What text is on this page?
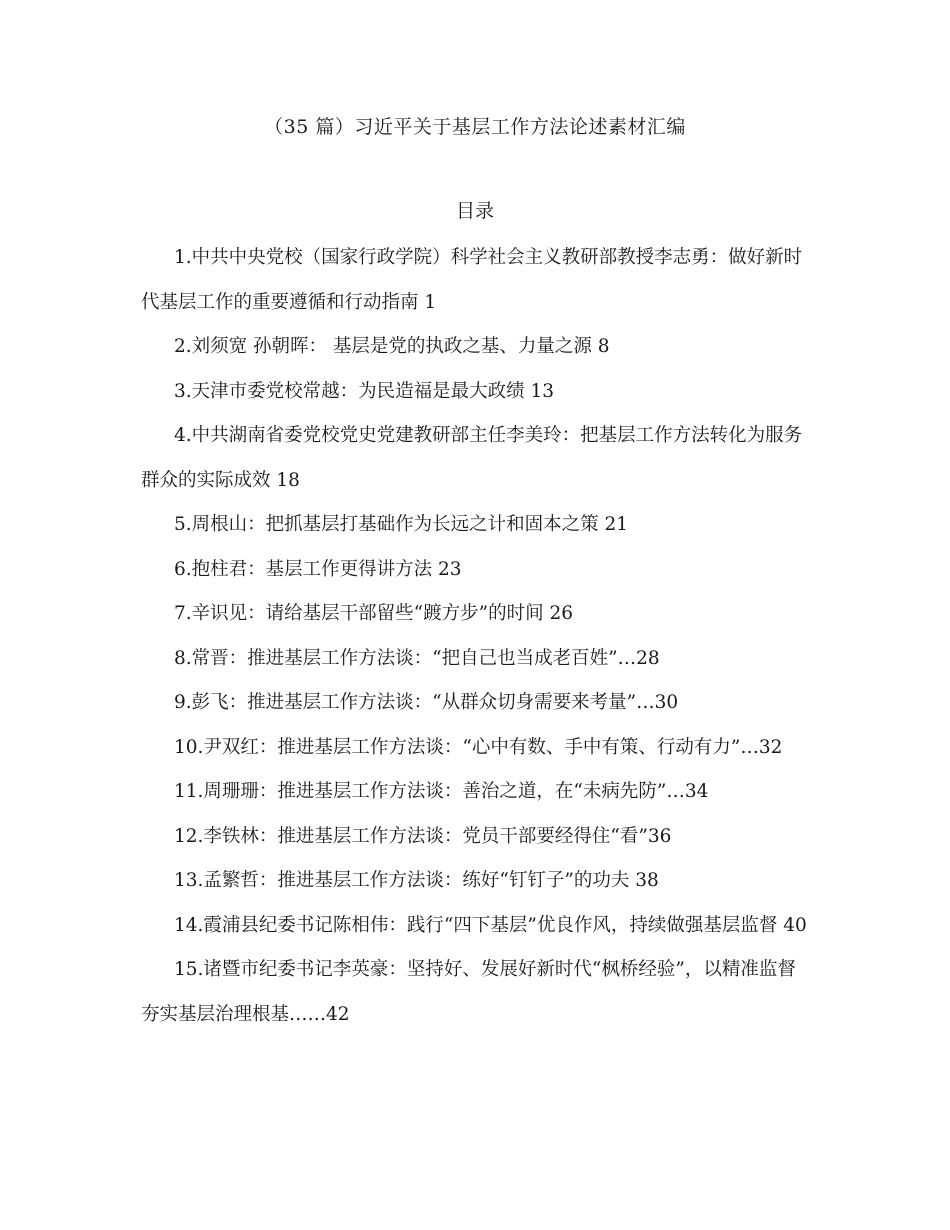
（35 篇）习近平关于基层工作方法论述素材汇编
目录
1.中共中央党校（国家行政学院）科学社会主义教研部教授李志勇：做好新时代基层工作的重要遵循和行动指南 1
2.刘须宽 孙朝晖： 基层是党的执政之基、力量之源 8
3.天津市委党校常越：为民造福是最大政绩 13
4.中共湖南省委党校党史党建教研部主任李美玲：把基层工作方法转化为服务群众的实际成效 18
5.周根山：把抓基层打基础作为长远之计和固本之策 21
6.抱柱君：基层工作更得讲方法 23
7.辛识见：请给基层干部留些“踱方步”的时间 26
8.常晋：推进基层工作方法谈：“把自己也当成老百姓”…28
9.彭飞：推进基层工作方法谈：“从群众切身需要来考量”…30
10.尹双红：推进基层工作方法谈：“心中有数、手中有策、行动有力”…32
11.周珊珊：推进基层工作方法谈：善治之道，在“未病先防”…34
12.李铁林：推进基层工作方法谈：党员干部要经得住“看”36
13.孟繁哲：推进基层工作方法谈：练好“钉钉子”的功夫 38
14.霞浦县纪委书记陈相伟：践行“四下基层”优良作风，持续做强基层监督 40
15.诸暨市纪委书记李英豪：坚持好、发展好新时代“枫桥经验”，以精准监督夯实基层治理根基……42
